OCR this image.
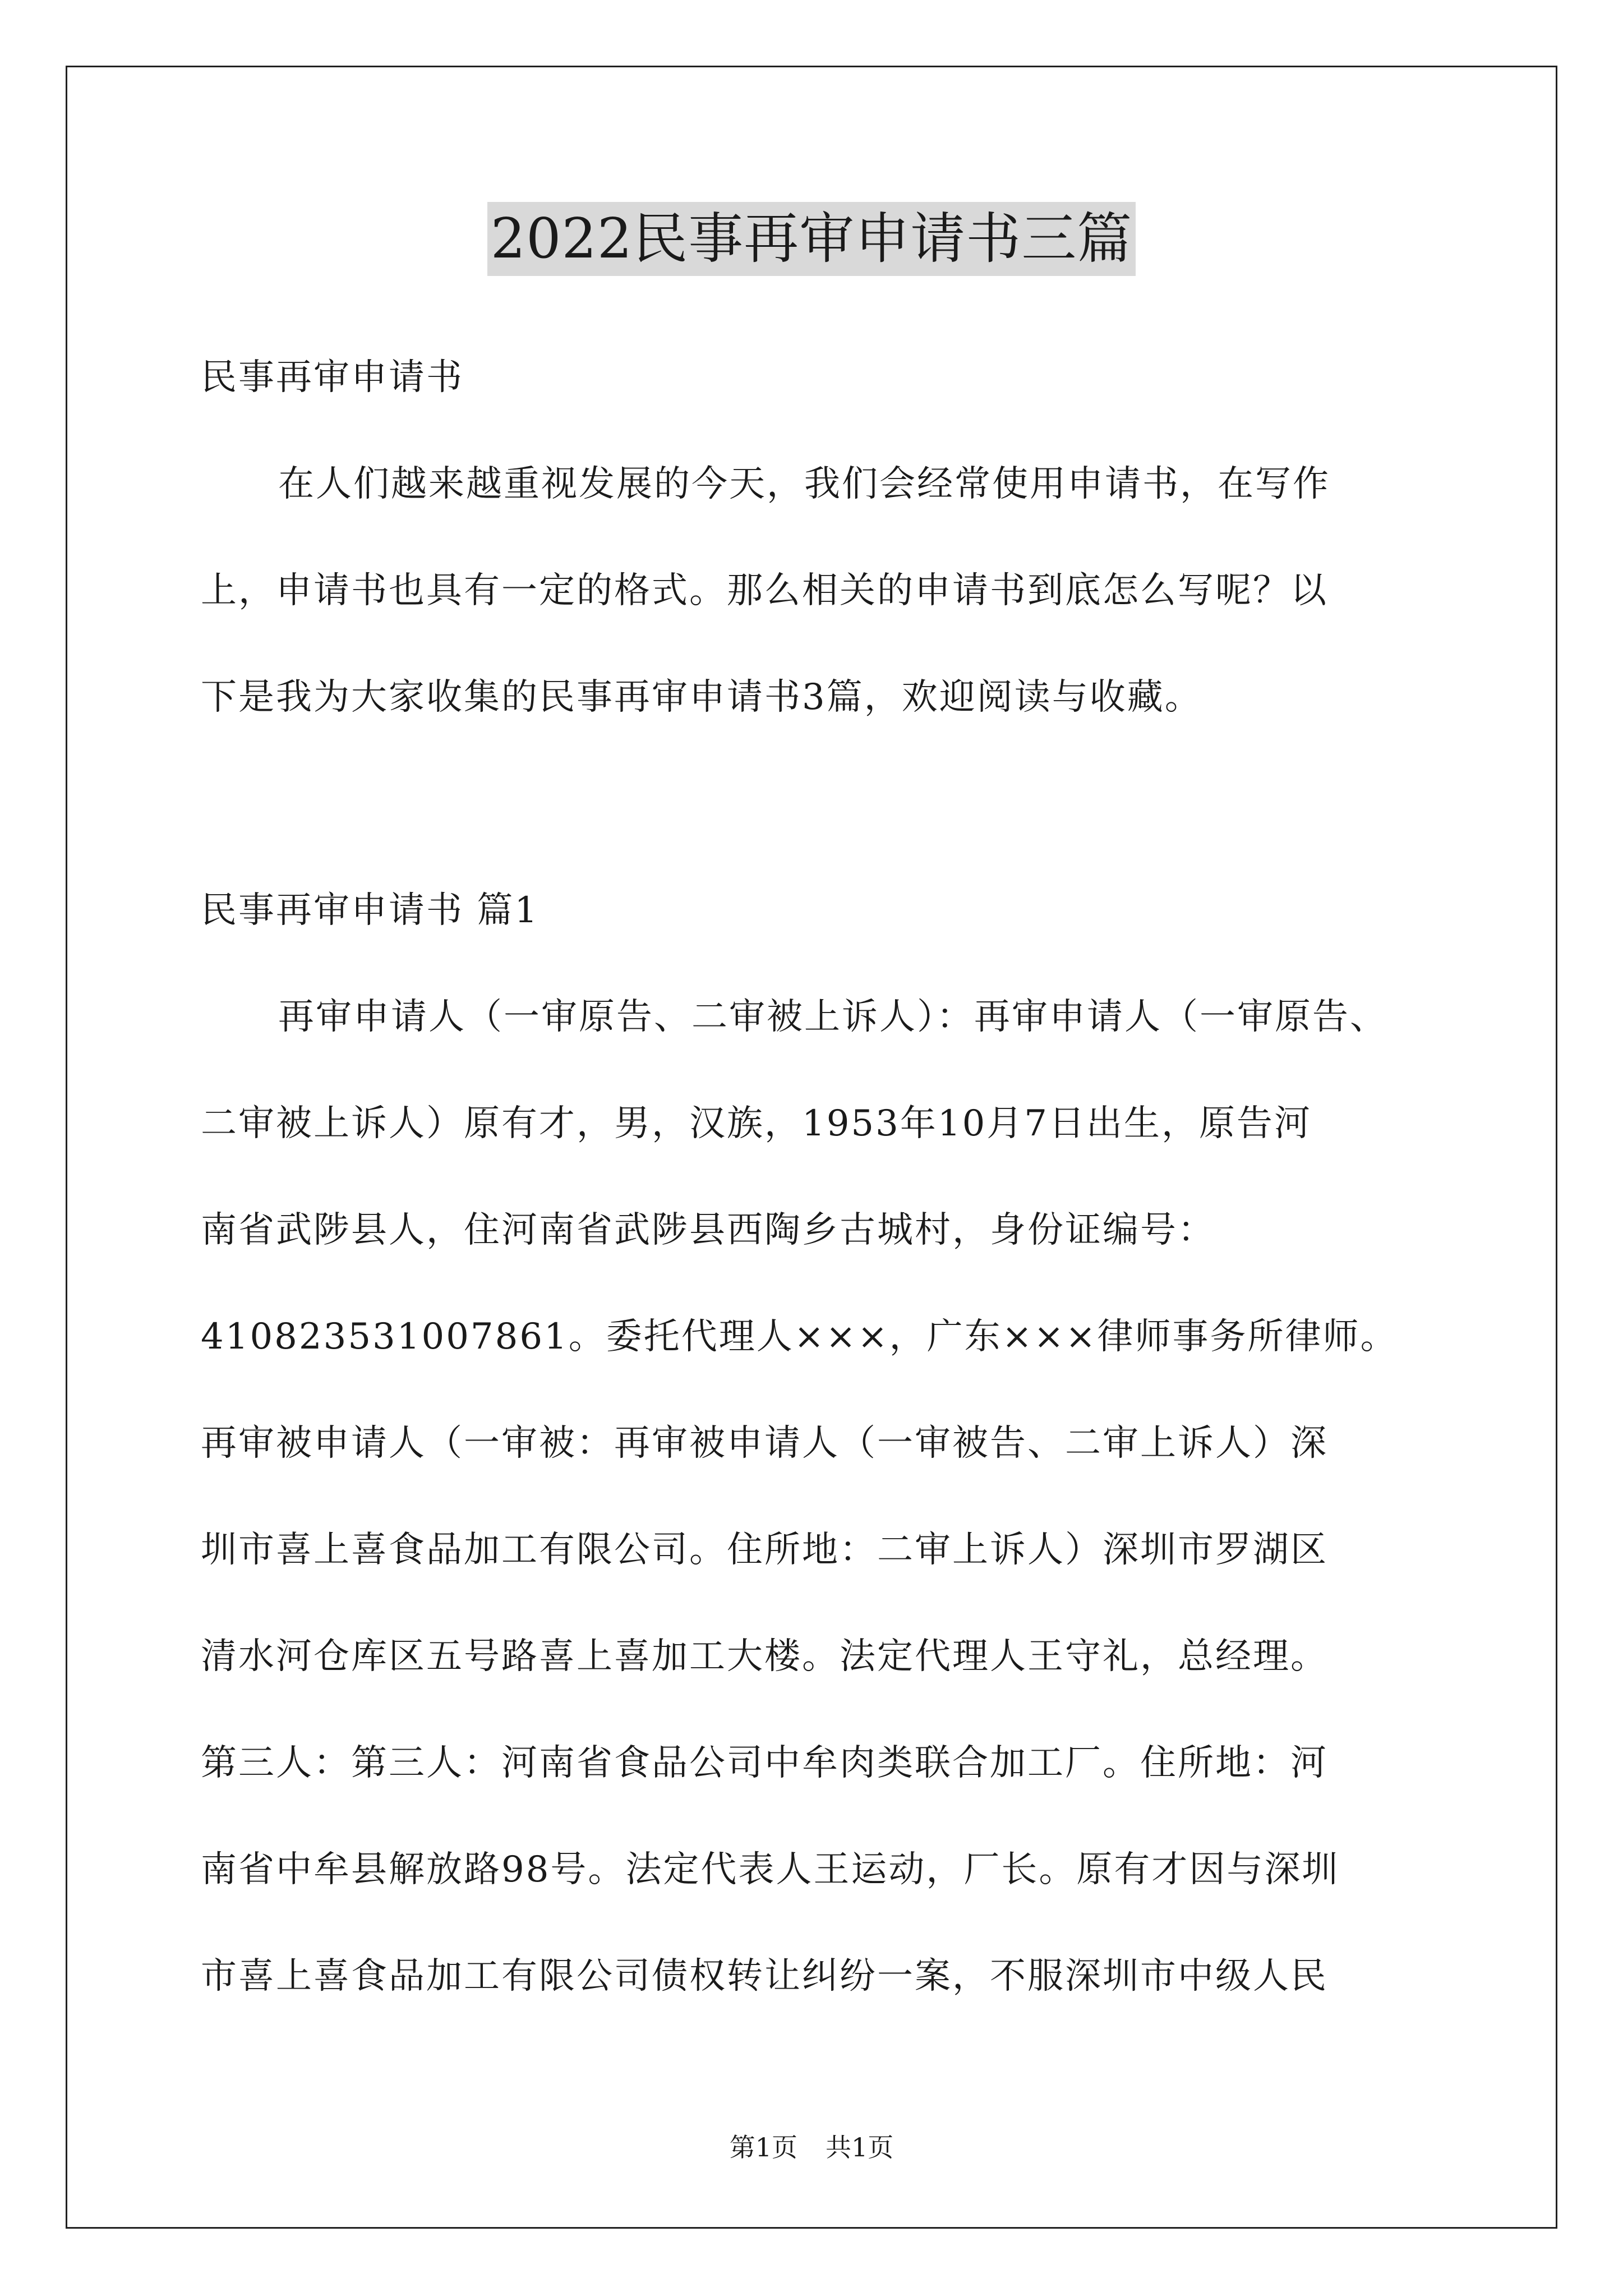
2022民事再审申请书三篇
民事再审申请书
在人们越来越重视发展的今天，我们会经常使用申请书，在写作
上，申请书也具有一定的格式。那么相关的申请书到底怎么写呢？以
下是我为大家收集的民事再审申请书3篇，欢迎阅读与收藏。
民事再审申请书 篇1
再审申请人（一审原告、二审被上诉人）：再审申请人（一审原告、
二审被上诉人）原有才，男，汉族，1953年10月7日出生，原告河
南省武陟县人，住河南省武陟县西陶乡古城村，身份证编号：
410823531007861。委托代理人×××，广东×××律师事务所律师。
再审被申请人（一审被：再审被申请人（一审被告、二审上诉人）深
圳市喜上喜食品加工有限公司。住所地：二审上诉人）深圳市罗湖区
清水河仓库区五号路喜上喜加工大楼。法定代理人王守礼，总经理。
第三人：第三人：河南省食品公司中牟肉类联合加工厂。住所地：河
南省中牟县解放路98号。法定代表人王运动，厂长。原有才因与深圳
市喜上喜食品加工有限公司债权转让纠纷一案，不服深圳市中级人民
第1页 共1页
